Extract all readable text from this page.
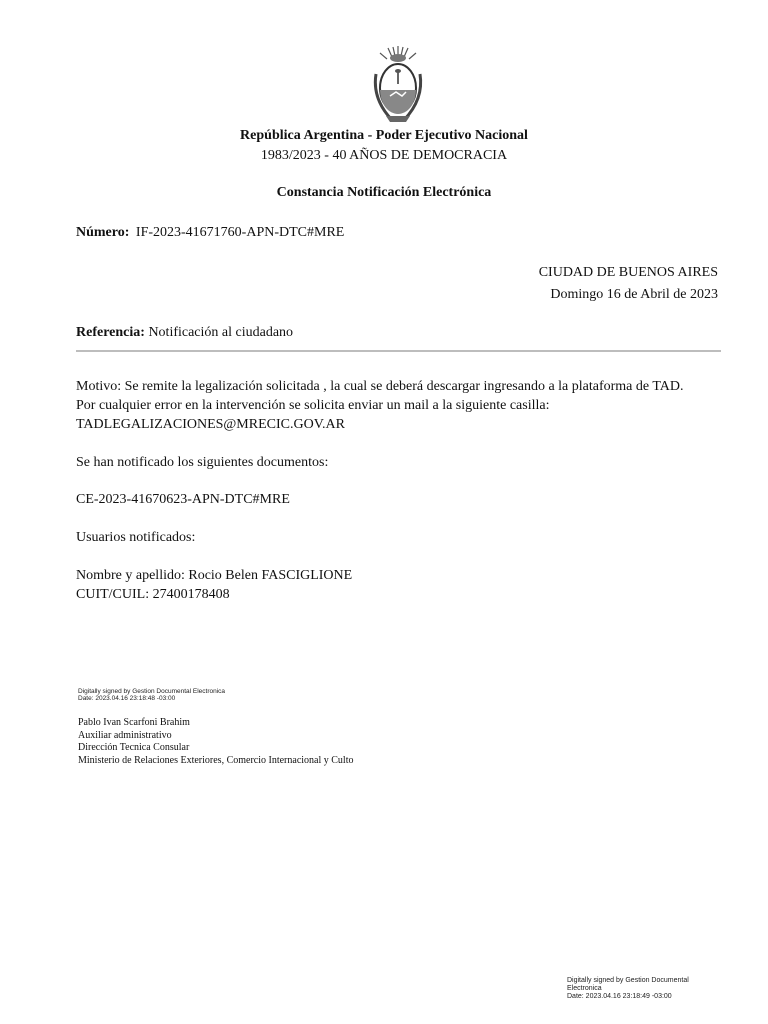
República Argentina - Poder Ejecutivo Nacional
1983/2023 - 40 AÑOS DE DEMOCRACIA
Constancia Notificación Electrónica
Número: IF-2023-41671760-APN-DTC#MRE
CIUDAD DE BUENOS AIRES
Domingo 16 de Abril de 2023
Referencia: Notificación al ciudadano
Motivo: Se remite la legalización solicitada , la cual se deberá descargar ingresando a la plataforma de TAD.
Por cualquier error en la intervención se solicita enviar un mail a la siguiente casilla:
TADLEGALIZACIONES@MRECIC.GOV.AR
Se han notificado los siguientes documentos:
CE-2023-41670623-APN-DTC#MRE
Usuarios notificados:
Nombre y apellido: Rocio Belen FASCIGLIONE
CUIT/CUIL: 27400178408
Digitally signed by Gestion Documental Electronica
Date: 2023.04.16 23:18:48 -03:00
Pablo Ivan Scarfoni Brahim
Auxiliar administrativo
Dirección Tecnica Consular
Ministerio de Relaciones Exteriores, Comercio Internacional y Culto
Digitally signed by Gestion Documental
Electronica
Date: 2023.04.16 23:18:49 -03:00
